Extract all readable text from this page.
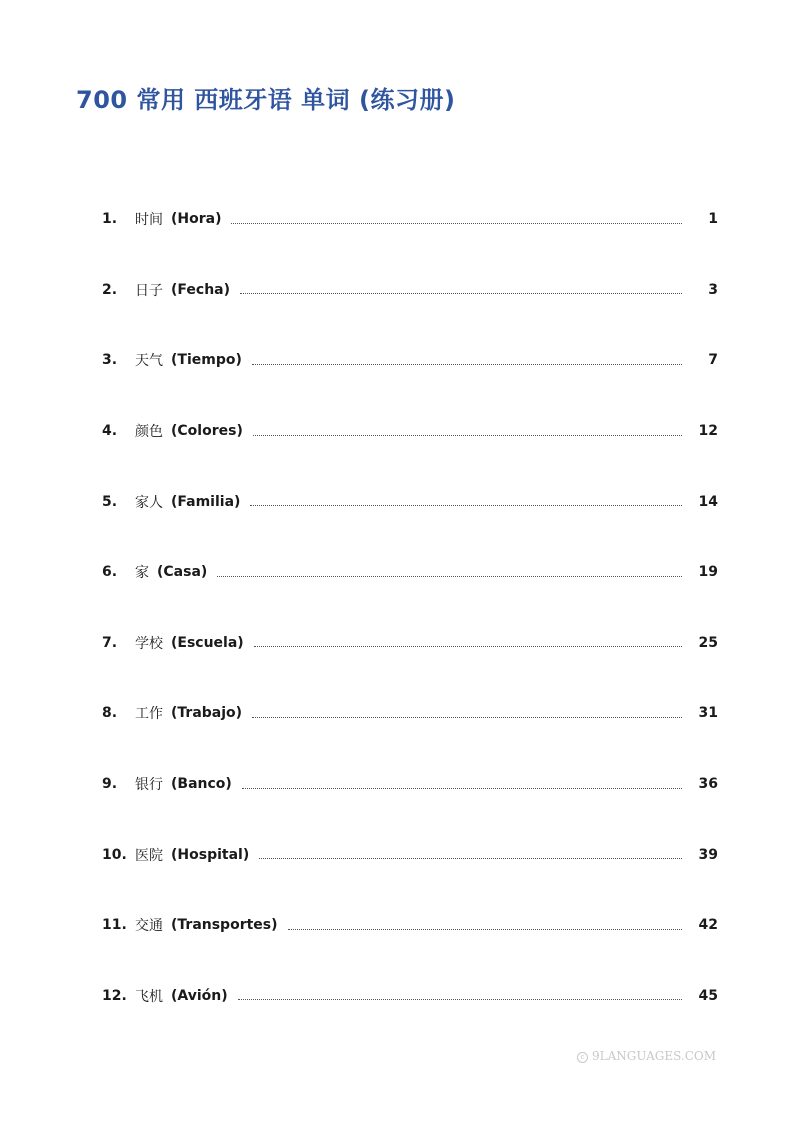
700 常用 西班牙语 单词 (练习册)
1.	时间 (Hora)	1
2.	日子 (Fecha)	3
3.	天气 (Tiempo)	7
4.	颜色 (Colores)	12
5.	家人 (Familia)	14
6.	家 (Casa)	19
7.	学校 (Escuela)	25
8.	工作 (Trabajo)	31
9.	银行 (Banco)	36
10. 医院 (Hospital)	39
11. 交通 (Transportes)	42
12. 飞机 (Avión)	45
c 9LANGUAGES.COM
